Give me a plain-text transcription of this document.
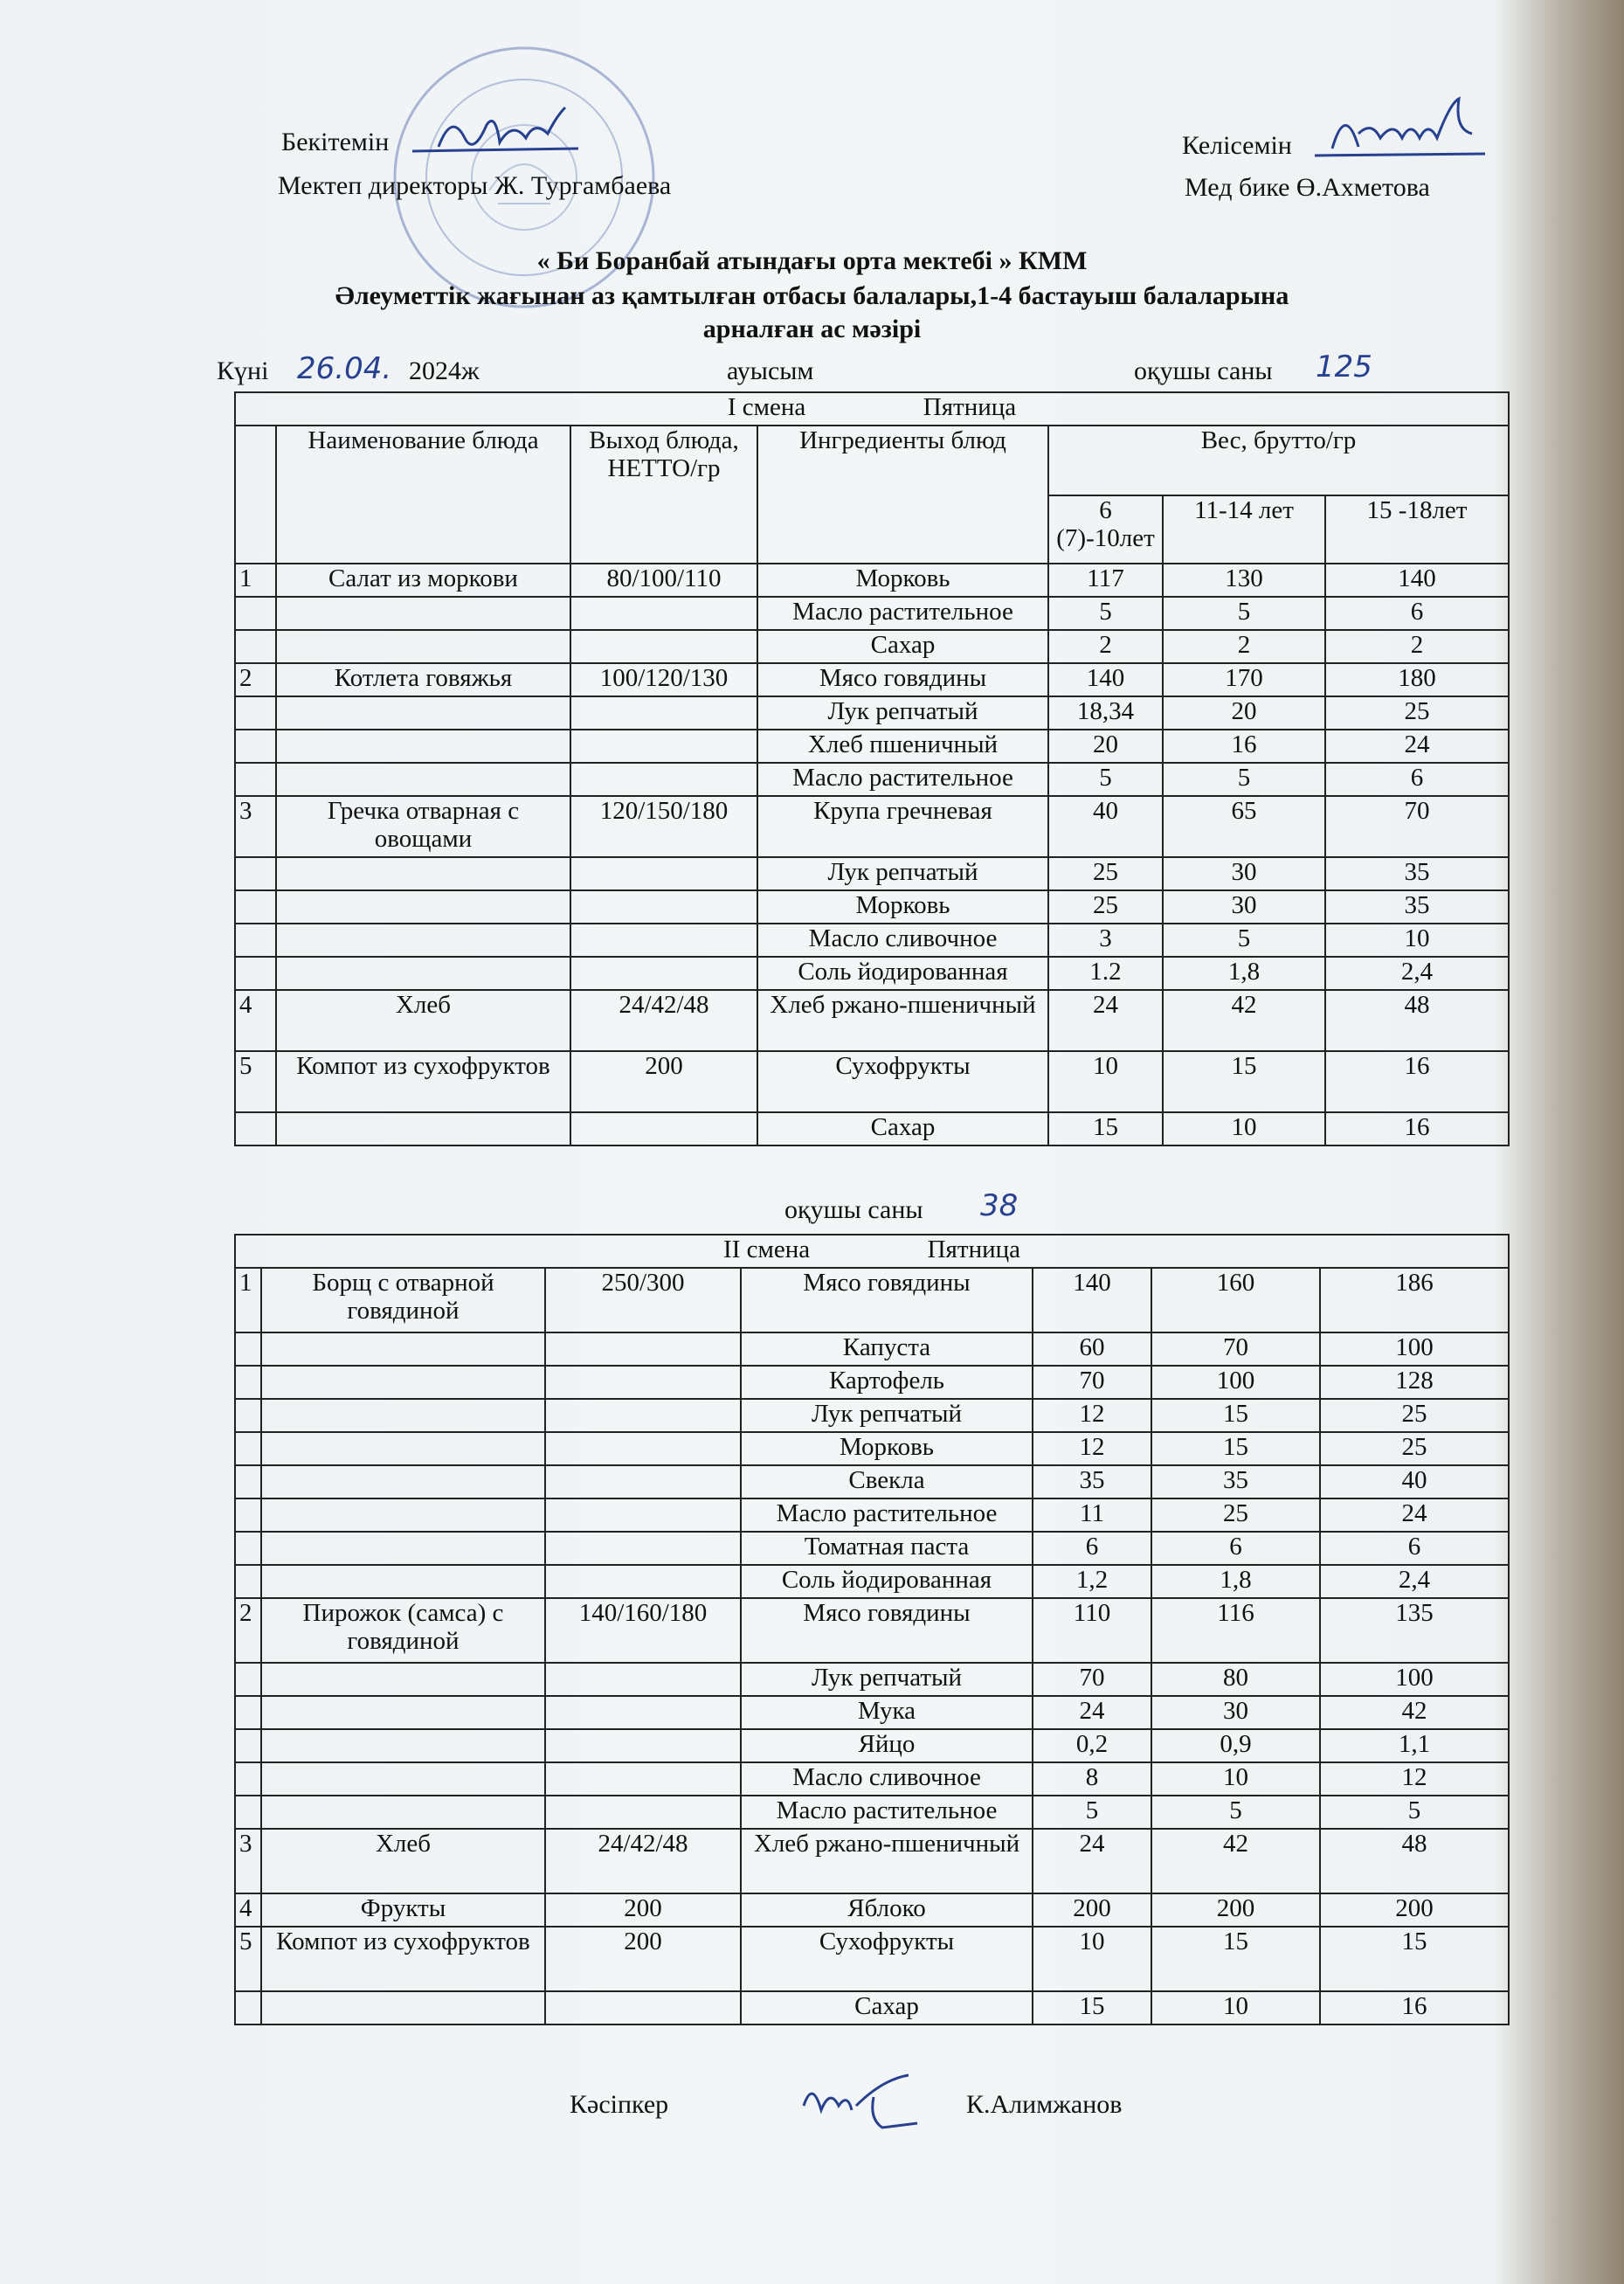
Бекітемін
Мектеп директоры Ж. Тургамбаева
Келісемін
Мед бике Ө.Ахметова
« Би Боранбай атындағы орта мектебі » КММ
Әлеуметтік жағынан аз қамтылған отбасы балалары,1-4 бастауыш балаларына
арналған ас мәзірі
Күні 26.04. 2024ж	ауысым	оқушы саны 125
I смена Пятница						
	Наименование блюда	Выход блюда, НЕТТО/гр	Ингредиенты блюд	Вес, брутто/гр		
				6 (7)-10лет	11-14 лет	15 -18лет
1	Салат из моркови	80/100/110	Морковь	117	130	140
			Масло растительное	5	5	6
			Сахар	2	2	2
2	Котлета говяжья	100/120/130	Мясо говядины	140	170	180
			Лук репчатый	18,34	20	25
			Хлеб пшеничный	20	16	24
			Масло растительное	5	5	6
3	Гречка отварная с овощами	120/150/180	Крупа гречневая	40	65	70
			Лук репчатый	25	30	35
			Морковь	25	30	35
			Масло сливочное	3	5	10
			Соль йодированная	1.2	1,8	2,4
4	Хлеб	24/42/48	Хлеб ржано-пшеничный	24	42	48
5	Компот из сухофруктов	200	Сухофрукты	10	15	16
			Сахар	15	10	16
оқушы саны 38
II смена Пятница						
1	Борщ с отварной говядиной	250/300	Мясо говядины	140	160	186
			Капуста	60	70	100
			Картофель	70	100	128
			Лук репчатый	12	15	25
			Морковь	12	15	25
			Свекла	35	35	40
			Масло растительное	11	25	24
			Томатная паста	6	6	6
			Соль йодированная	1,2	1,8	2,4
2	Пирожок (самса) с говядиной	140/160/180	Мясо говядины	110	116	135
			Лук репчатый	70	80	100
			Мука	24	30	42
			Яйцо	0,2	0,9	1,1
			Масло сливочное	8	10	12
			Масло растительное	5	5	5
3	Хлеб	24/42/48	Хлеб ржано-пшеничный	24	42	48
4	Фрукты	200	Яблоко	200	200	200
5	Компот из сухофруктов	200	Сухофрукты	10	15	15
			Сахар	15	10	16
Кәсіпкер	К.Алимжанов
